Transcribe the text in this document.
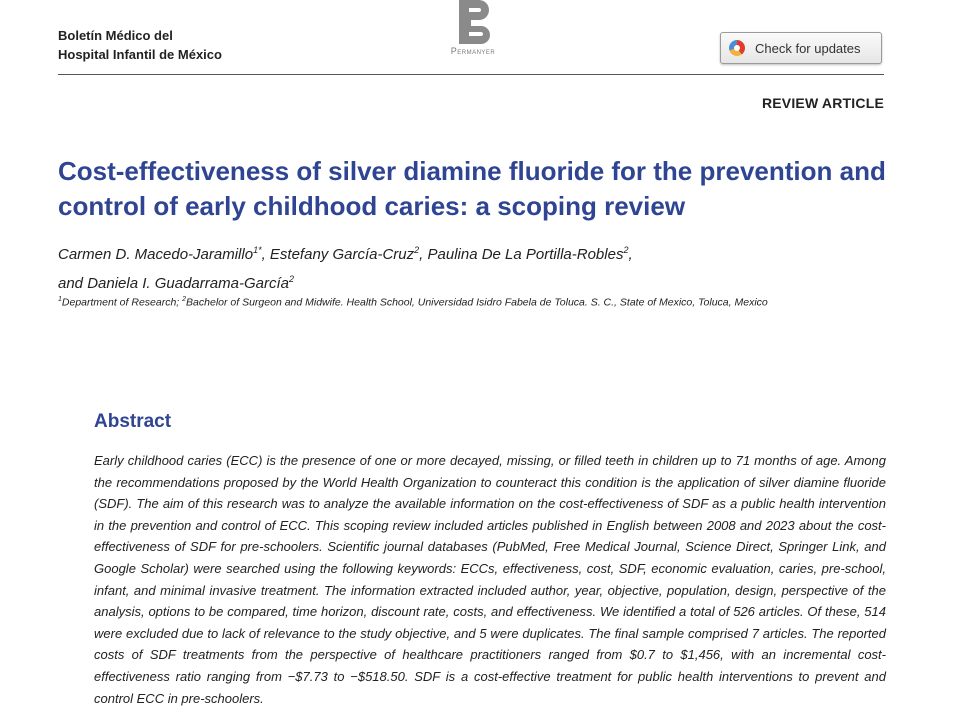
Boletín Médico del
Hospital Infantil de México	Permanyer	Check for updates
REVIEW ARTICLE
Cost-effectiveness of silver diamine fluoride for the prevention and control of early childhood caries: a scoping review
Carmen D. Macedo-Jaramillo$^{1*}$, Estefany García-Cruz$^2$, Paulina De La Portilla-Robles$^2$,
and Daniela I. Guadarrama-García$^2$
$^1$Department of Research; $^2$Bachelor of Surgeon and Midwife. Health School, Universidad Isidro Fabela de Toluca. S. C., State of Mexico, Toluca, Mexico
Abstract

Early childhood caries (ECC) is the presence of one or more decayed, missing, or filled teeth in children up to 71 months of age. Among the recommendations proposed by the World Health Organization to counteract this condition is the application of silver diamine fluoride (SDF). The aim of this research was to analyze the available information on the cost-effectiveness of SDF as a public health intervention in the prevention and control of ECC. This scoping review included articles published in English between 2008 and 2023 about the cost-effectiveness of SDF for pre-schoolers. Scientific journal databases (PubMed, Free Medical Journal, Science Direct, Springer Link, and Google Scholar) were searched using the following keywords: ECCs, effectiveness, cost, SDF, economic evaluation, caries, pre-school, infant, and minimal invasive treatment. The information extracted included author, year, objective, population, design, perspective of the analysis, options to be compared, time horizon, discount rate, costs, and effectiveness. We identified a total of 526 articles. Of these, 514 were excluded due to lack of relevance to the study objective, and 5 were duplicates. The final sample comprised 7 articles. The reported costs of SDF treatments from the perspective of healthcare practitioners ranged from $0.7 to $1,456, with an incremental cost-effectiveness ratio ranging from −$7.73 to −$518.50. SDF is a cost-effective treatment for public health interventions to prevent and control ECC in pre-schoolers.
